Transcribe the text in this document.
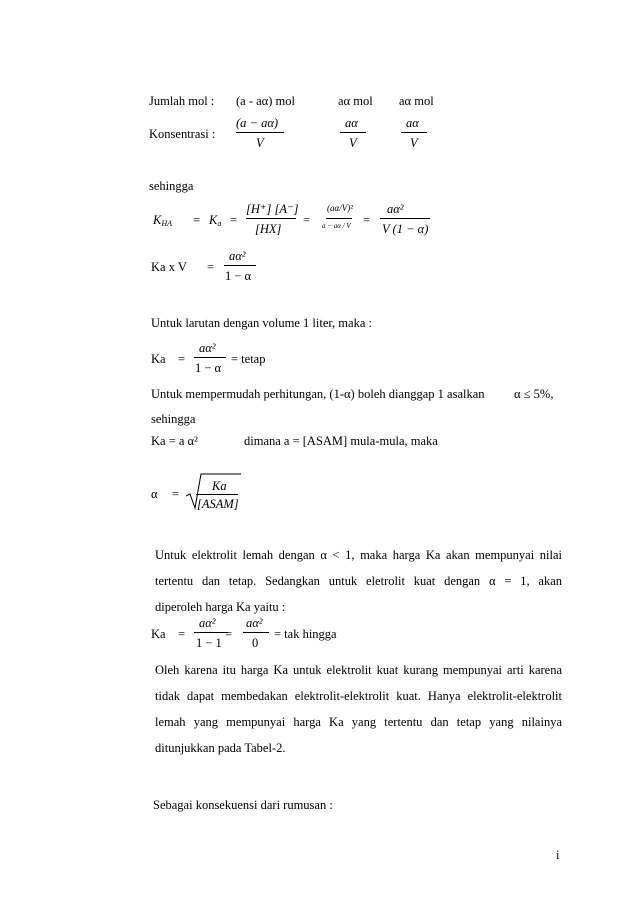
Jumlah mol : (a - aα) mol	aα mol aα mol
Konsentrasi :
(a − aα)
V
aα
V
aα
V
sehingga
$K_{HA} = K_a$ =
[H⁺] [A⁻]
[HX]
=
(aα/V)²
a − aα / V =
aα²
V (1 − α)
Ka x V =
aα²
1 − α
Untuk larutan dengan volume 1 liter, maka :
Ka =
aα²
1 − α
= tetap
Untuk mempermudah perhitungan, (1-α) boleh dianggap 1 asalkan α ≤ 5%,
sehingga
Ka = a α²	dimana a = [ASAM] mula-mula, maka
α =
Ka
[ASAM]
Untuk elektrolit lemah dengan α < 1, maka harga Ka akan mempunyai nilai
tertentu dan tetap. Sedangkan untuk eletrolit kuat dengan α = 1, akan
diperoleh harga Ka yaitu :
Ka =
aα²
1 − 1
=
aα²
0
= tak hingga
Oleh karena itu harga Ka untuk elektrolit kuat kurang mempunyai arti karena
tidak dapat membedakan elektrolit-elektrolit kuat. Hanya elektrolit-elektrolit
lemah yang mempunyai harga Ka yang tertentu dan tetap yang nilainya
ditunjukkan pada Tabel-2.
Sebagai konsekuensi dari rumusan :
i
